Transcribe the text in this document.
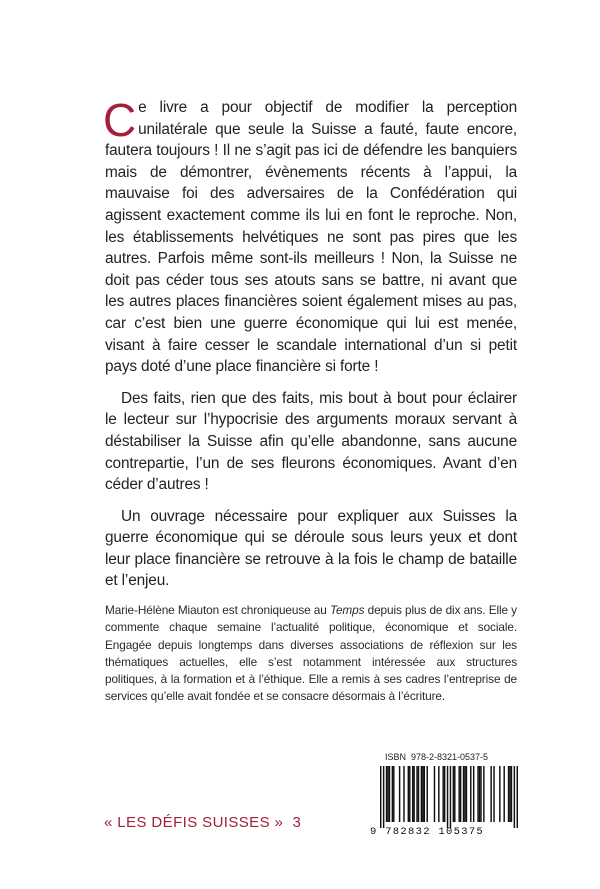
Ce livre a pour objectif de modifier la perception unilatérale que seule la Suisse a fauté, faute encore, fautera toujours ! Il ne s’agit pas ici de défendre les banquiers mais de démontrer, évènements récents à l’appui, la mauvaise foi des adversaires de la Confédération qui agissent exactement comme ils lui en font le reproche. Non, les établissements helvétiques ne sont pas pires que les autres. Parfois même sont-ils meilleurs ! Non, la Suisse ne doit pas céder tous ses atouts sans se battre, ni avant que les autres places financières soient également mises au pas, car c’est bien une guerre économique qui lui est menée, visant à faire cesser le scandale international d’un si petit pays doté d’une place financière si forte !

Des faits, rien que des faits, mis bout à bout pour éclairer le lecteur sur l’hypocrisie des arguments moraux servant à déstabiliser la Suisse afin qu’elle abandonne, sans aucune contrepartie, l’un de ses fleurons économiques. Avant d’en céder d’autres !

Un ouvrage nécessaire pour expliquer aux Suisses la guerre économique qui se déroule sous leurs yeux et dont leur place financière se retrouve à la fois le champ de bataille et l’enjeu.

Marie-Hélène Miauton est chroniqueuse au Temps depuis plus de dix ans. Elle y commente chaque semaine l’actualité politique, économique et sociale. Engagée depuis longtemps dans diverses associations de réflexion sur les thématiques actuelles, elle s’est notamment intéressée aux structures politiques, à la formation et à l’éthique. Elle a remis à ses cadres l’entreprise de services qu’elle avait fondée et se consacre désormais à l’écriture.
« LES DÉFIS SUISSES »  3
ISBN  978-2-8321-0537-5
9 782832 105375
